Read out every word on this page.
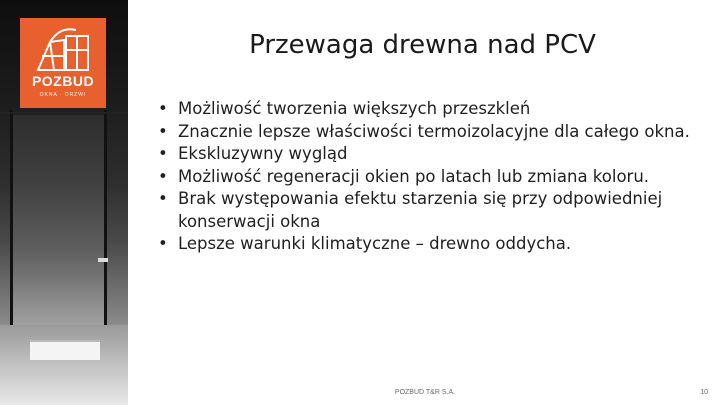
POZBUD
OKNA · DRZWI
Przewaga drewna nad PCV
• Możliwość tworzenia większych przeszkleń
• Znacznie lepsze właściwości termoizolacyjne dla całego okna.
• Ekskluzywny wygląd
• Możliwość regeneracji okien po latach lub zmiana koloru.
• Brak występowania efektu starzenia się przy odpowiedniej konserwacji okna
• Lepsze warunki klimatyczne – drewno oddycha.
POZBUD T&R S.A.	10
